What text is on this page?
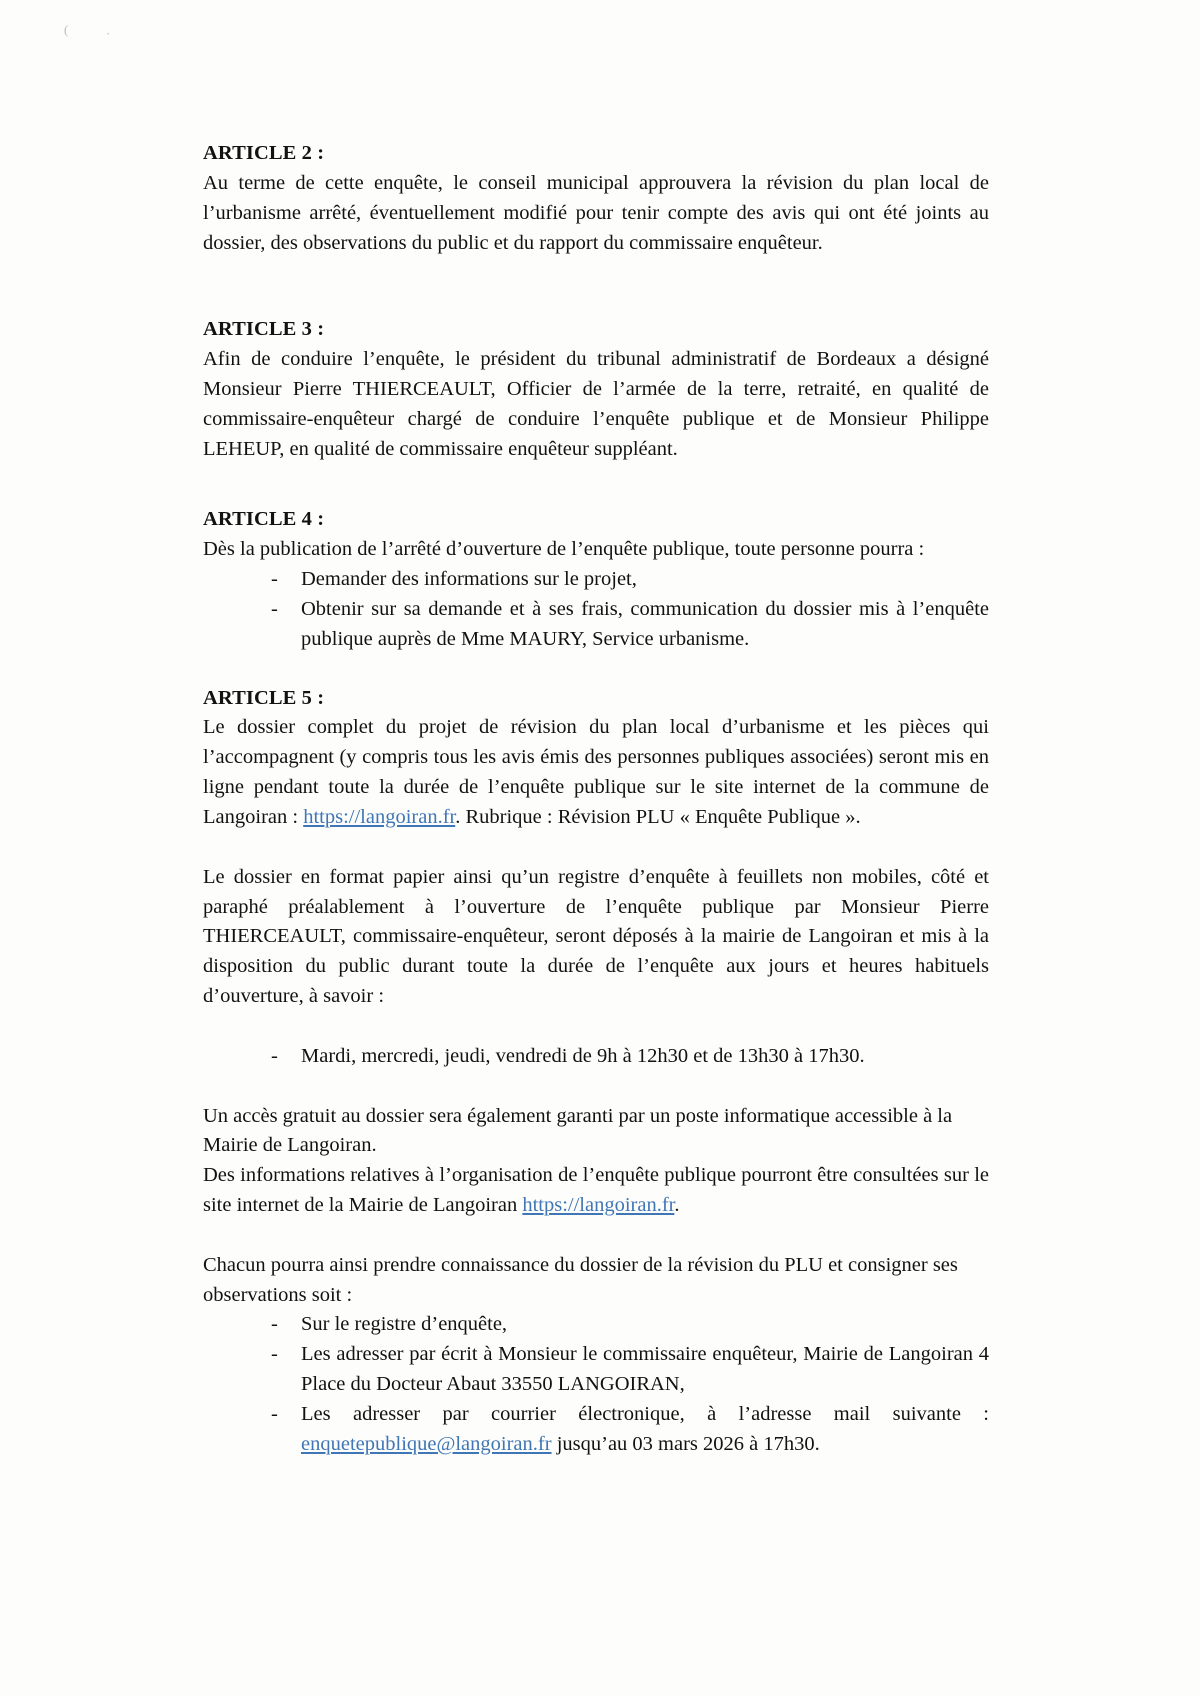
(	·
ARTICLE 2 :

Au terme de cette enquête, le conseil municipal approuvera la révision du plan local de l’urbanisme arrêté, éventuellement modifié pour tenir compte des avis qui ont été joints au dossier, des observations du public et du rapport du commissaire enquêteur.

ARTICLE 3 :

Afin de conduire l’enquête, le président du tribunal administratif de Bordeaux a désigné Monsieur Pierre THIERCEAULT, Officier de l’armée de la terre, retraité, en qualité de commissaire-enquêteur chargé de conduire l’enquête publique et de Monsieur Philippe LEHEUP, en qualité de commissaire enquêteur suppléant.

ARTICLE 4 :

Dès la publication de l’arrêté d’ouverture de l’enquête publique, toute personne pourra :

- Demander des informations sur le projet,
- Obtenir sur sa demande et à ses frais, communication du dossier mis à l’enquête publique auprès de Mme MAURY, Service urbanisme.
ARTICLE 5 :

Le dossier complet du projet de révision du plan local d’urbanisme et les pièces qui l’accompagnent (y compris tous les avis émis des personnes publiques associées) seront mis en ligne pendant toute la durée de l’enquête publique sur le site internet de la commune de Langoiran : https://langoiran.fr. Rubrique : Révision PLU « Enquête Publique ».

Le dossier en format papier ainsi qu’un registre d’enquête à feuillets non mobiles, côté et paraphé préalablement à l’ouverture de l’enquête publique par Monsieur Pierre THIERCEAULT, commissaire-enquêteur, seront déposés à la mairie de Langoiran et mis à la disposition du public durant toute la durée de l’enquête aux jours et heures habituels d’ouverture, à savoir :

- Mardi, mercredi, jeudi, vendredi de 9h à 12h30 et de 13h30 à 17h30.

Un accès gratuit au dossier sera également garanti par un poste informatique accessible à la Mairie de Langoiran.

Des informations relatives à l’organisation de l’enquête publique pourront être consultées sur le site internet de la Mairie de Langoiran https://langoiran.fr.

Chacun pourra ainsi prendre connaissance du dossier de la révision du PLU et consigner ses observations soit :

- Sur le registre d’enquête,
- Les adresser par écrit à Monsieur le commissaire enquêteur, Mairie de Langoiran 4 Place du Docteur Abaut 33550 LANGOIRAN,
- Les adresser par courrier électronique, à l’adresse mail suivante : enquetepublique@langoiran.fr jusqu’au 03 mars 2026 à 17h30.
